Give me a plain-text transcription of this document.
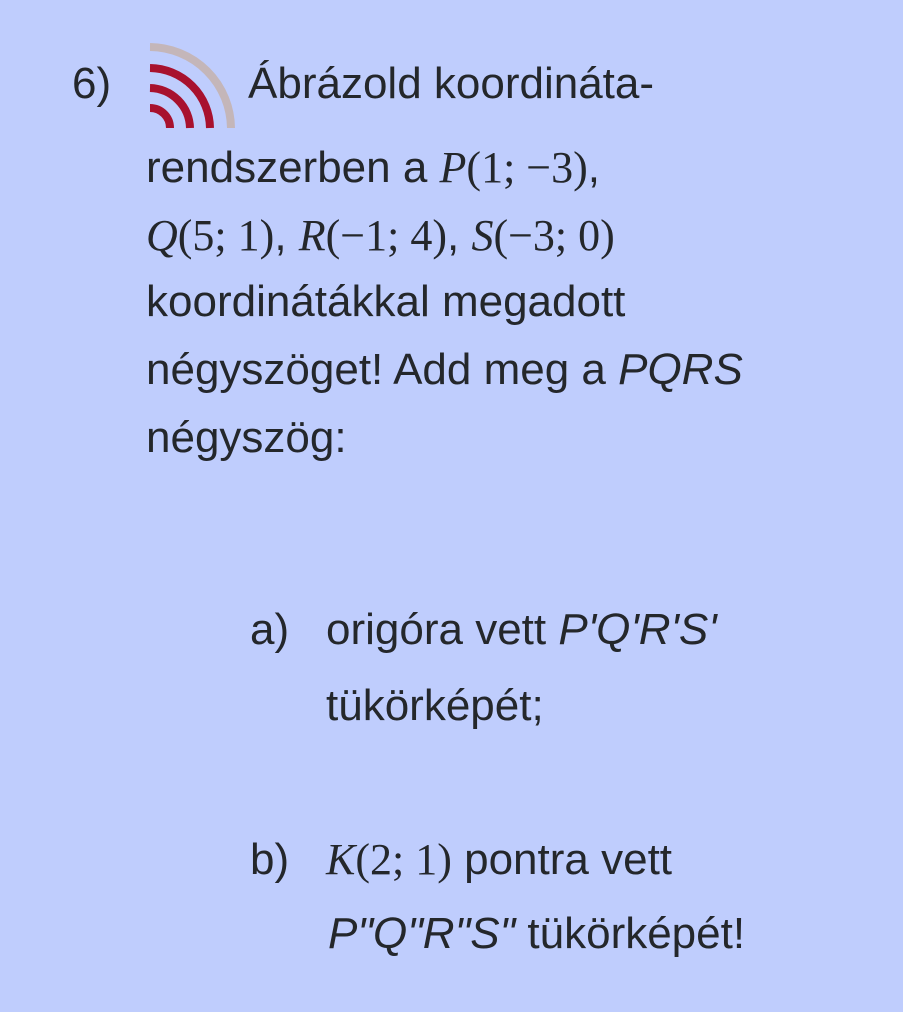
6)	Ábrázold koordináta-
rendszerben a P(1; −3),
Q(5; 1), R(−1; 4), S(−3; 0)
koordinátákkal megadott
négyszöget! Add meg a PQRS
négyszög:
a) origóra vett P'Q'R'S'
tükörképét;
b) K(2; 1) pontra vett
P"Q"R"S" tükörképét!
